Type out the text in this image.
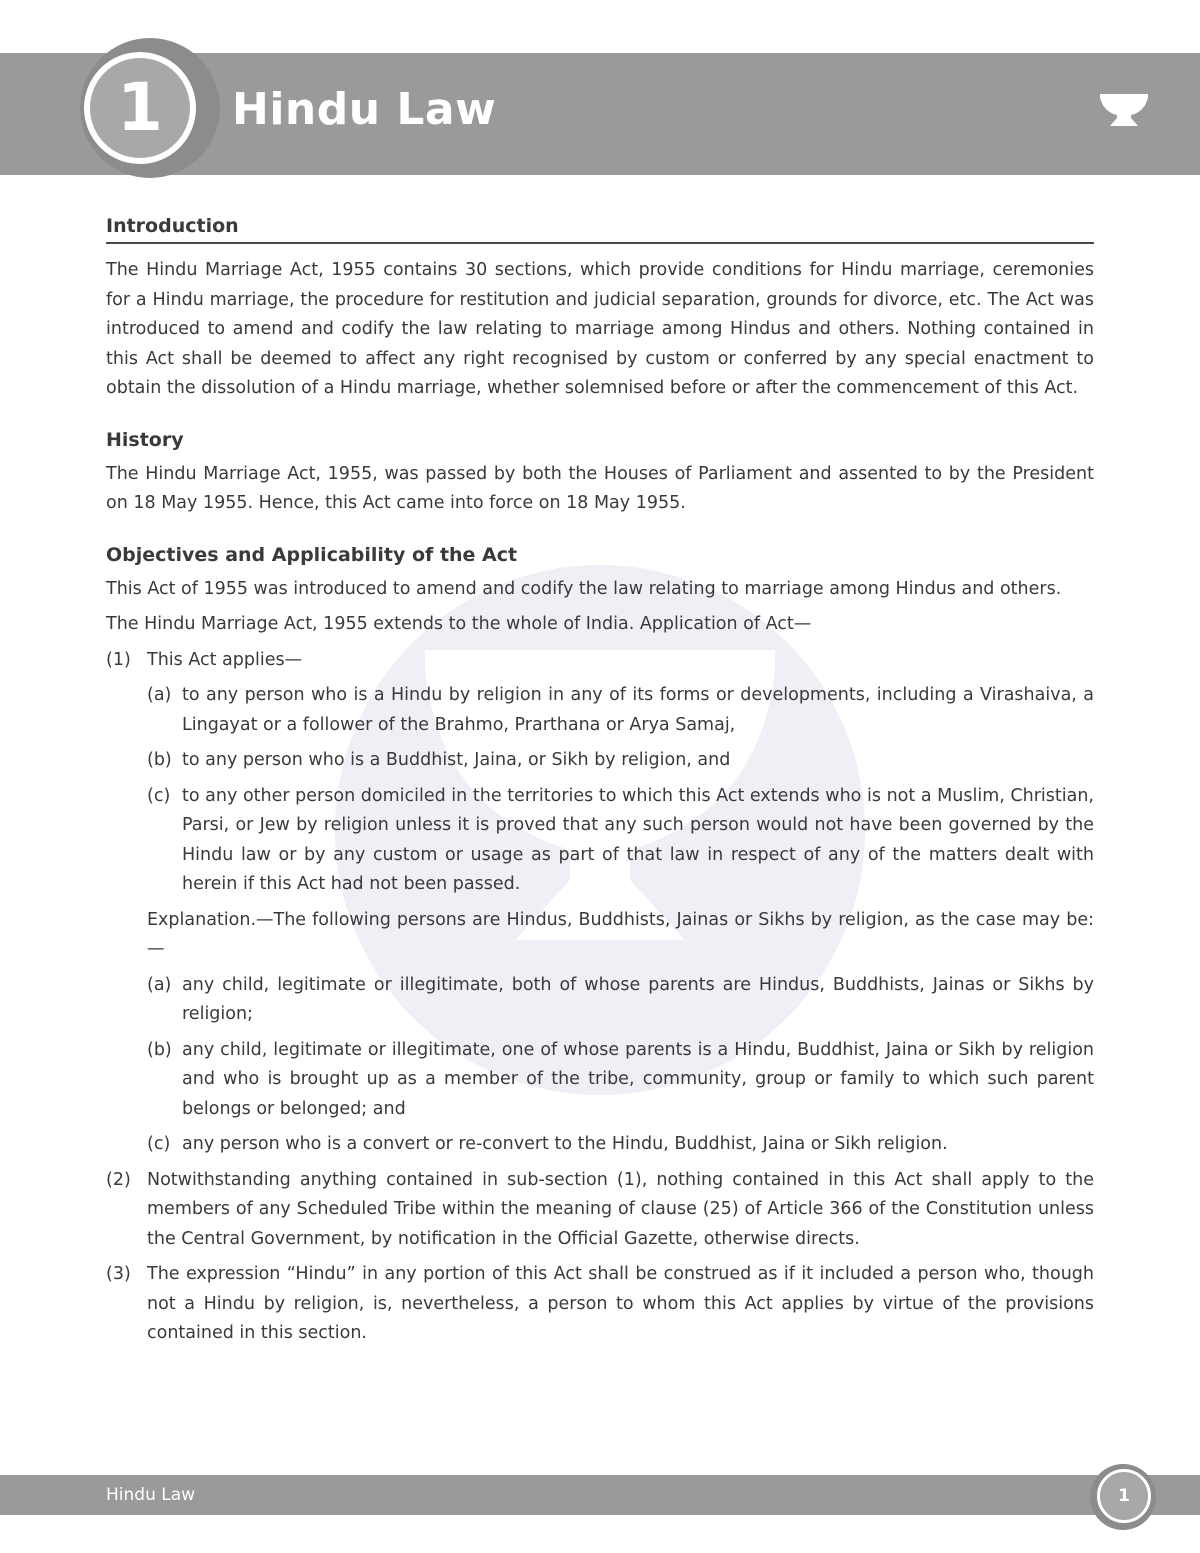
1	Hindu Law
Introduction

The Hindu Marriage Act, 1955 contains 30 sections, which provide conditions for Hindu marriage, ceremonies for a Hindu marriage, the procedure for restitution and judicial separation, grounds for divorce, etc. The Act was introduced to amend and codify the law relating to marriage among Hindus and others. Nothing contained in this Act shall be deemed to affect any right recognised by custom or conferred by any special enactment to obtain the dissolution of a Hindu marriage, whether solemnised before or after the commencement of this Act.

History

The Hindu Marriage Act, 1955, was passed by both the Houses of Parliament and assented to by the President on 18 May 1955. Hence, this Act came into force on 18 May 1955.

Objectives and Applicability of the Act

This Act of 1955 was introduced to amend and codify the law relating to marriage among Hindus and others.

The Hindu Marriage Act, 1955 extends to the whole of India. Application of Act—

(1) This Act applies—
(a) to any person who is a Hindu by religion in any of its forms or developments, including a Virashaiva, a Lingayat or a follower of the Brahmo, Prarthana or Arya Samaj,
(b) to any person who is a Buddhist, Jaina, or Sikh by religion, and
(c) to any other person domiciled in the territories to which this Act extends who is not a Muslim, Christian, Parsi, or Jew by religion unless it is proved that any such person would not have been governed by the Hindu law or by any custom or usage as part of that law in respect of any of the matters dealt with herein if this Act had not been passed.
Explanation.—The following persons are Hindus, Buddhists, Jainas or Sikhs by religion, as the case may be:—
(a) any child, legitimate or illegitimate, both of whose parents are Hindus, Buddhists, Jainas or Sikhs by religion;
(b) any child, legitimate or illegitimate, one of whose parents is a Hindu, Buddhist, Jaina or Sikh by religion and who is brought up as a member of the tribe, community, group or family to which such parent belongs or belonged; and
(c) any person who is a convert or re-convert to the Hindu, Buddhist, Jaina or Sikh religion.
(2) Notwithstanding anything contained in sub-section (1), nothing contained in this Act shall apply to the members of any Scheduled Tribe within the meaning of clause (25) of Article 366 of the Constitution unless the Central Government, by notification in the Official Gazette, otherwise directs.
(3) The expression “Hindu” in any portion of this Act shall be construed as if it included a person who, though not a Hindu by religion, is, nevertheless, a person to whom this Act applies by virtue of the provisions contained in this section.
Hindu Law	1
